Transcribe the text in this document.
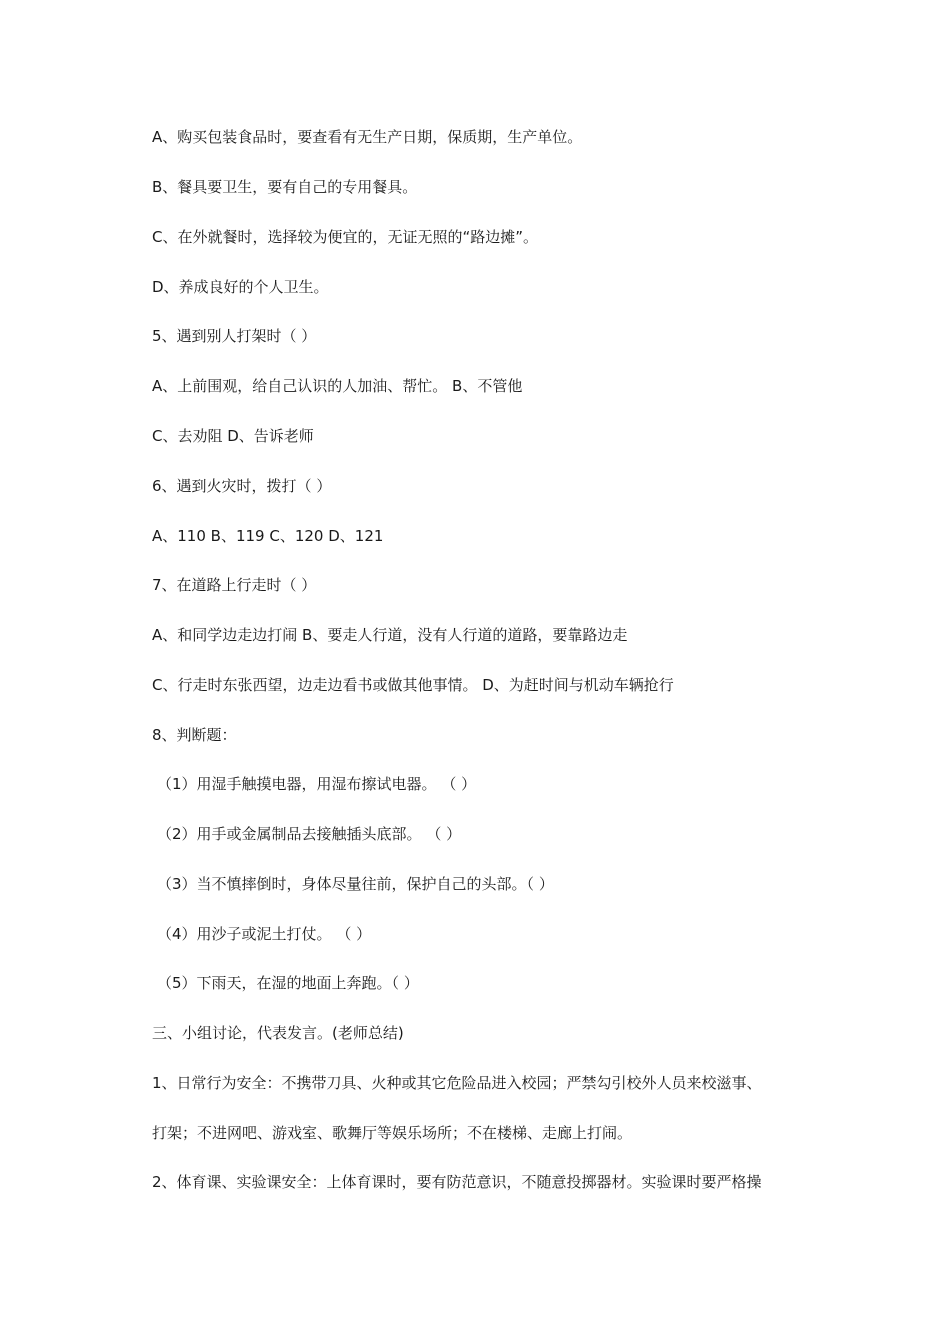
A、购买包装食品时，要查看有无生产日期，保质期，生产单位。
B、餐具要卫生，要有自己的专用餐具。
C、在外就餐时，选择较为便宜的，无证无照的“路边摊”。
D、养成良好的个人卫生。
5、遇到别人打架时（ ）
A、上前围观，给自己认识的人加油、帮忙。 B、不管他
C、去劝阻 D、告诉老师
6、遇到火灾时，拨打（ ）
A、110 B、119 C、120 D、121
7、在道路上行走时（ ）
A、和同学边走边打闹 B、要走人行道，没有人行道的道路，要靠路边走
C、行走时东张西望，边走边看书或做其他事情。 D、为赶时间与机动车辆抢行
8、判断题：
（1）用湿手触摸电器，用湿布擦试电器。 （ ）
（2）用手或金属制品去接触插头底部。 （ ）
（3）当不慎摔倒时，身体尽量往前，保护自己的头部。（ ）
（4）用沙子或泥土打仗。 （ ）
（5）下雨天，在湿的地面上奔跑。（ ）
三、小组讨论，代表发言。(老师总结)
1、日常行为安全：不携带刀具、火种或其它危险品进入校园；严禁勾引校外人员来校滋事、
打架；不进网吧、游戏室、歌舞厅等娱乐场所；不在楼梯、走廊上打闹。
2、体育课、实验课安全：上体育课时，要有防范意识，不随意投掷器材。实验课时要严格操
